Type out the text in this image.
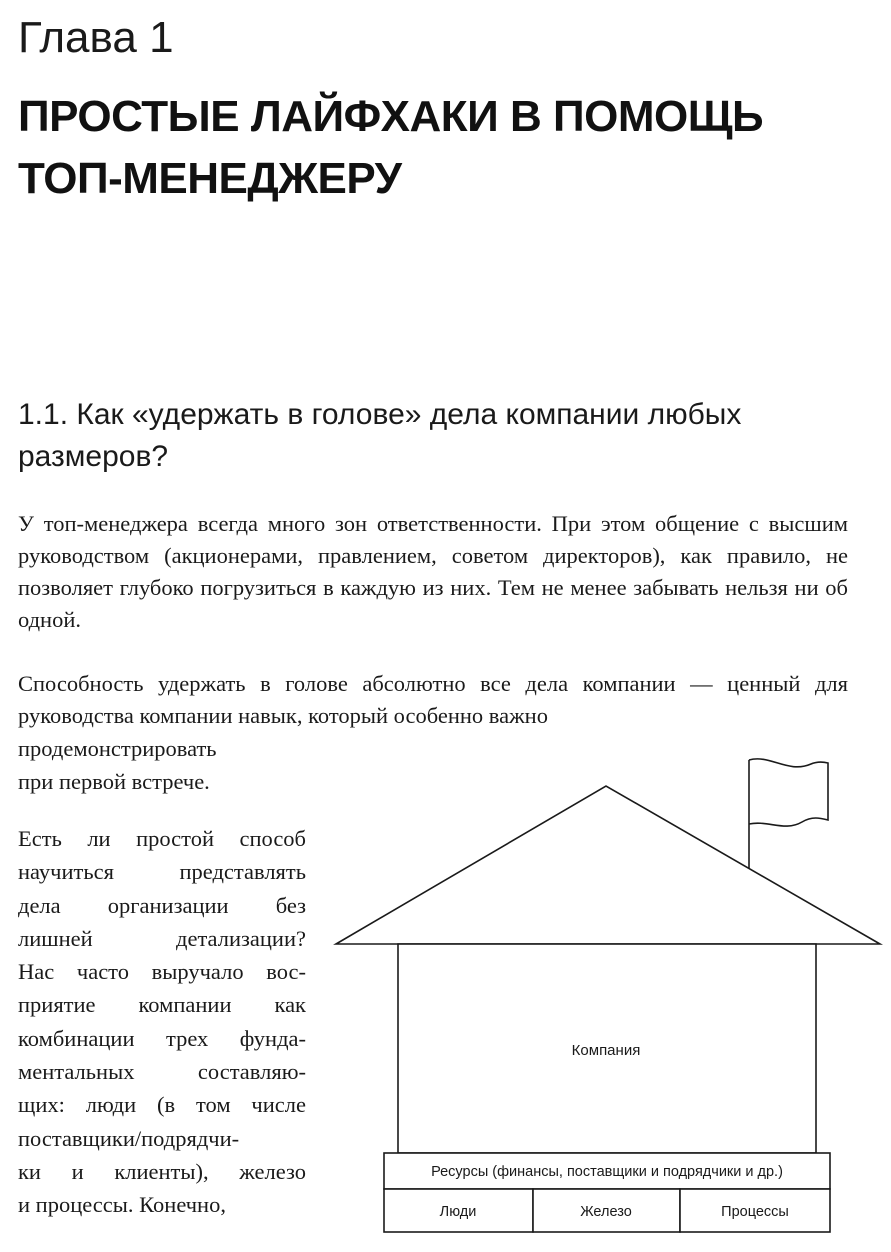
Глава 1
ПРОСТЫЕ ЛАЙФХАКИ В ПОМОЩЬ ТОП-МЕНЕДЖЕРУ
1.1. Как «удержать в голове» дела компании любых размеров?

У топ-менеджера всегда много зон ответственности. При этом общение с высшим руководством (акционерами, правлением, советом директоров), как правило, не позволяет глубоко погрузиться в каждую из них. Тем не менее забывать нельзя ни об одной.

Способность удержать в голове абсолютно все дела компании — ценный для руководства компании навык, который особенно важно

продемонстрировать
при первой встрече.
Есть ли простой способ
научиться представлять
дела организации без
лишней детализации?
Нас часто выручало вос-
приятие компании как
комбинации трех фунда-
ментальных составляю-
щих: люди (в том числе
поставщики/подрядчи-
ки и клиенты), железо
и процессы. Конечно,
Компания
Ресурсы (финансы, поставщики и подрядчики и др.)
Люди	Железо	Процессы
